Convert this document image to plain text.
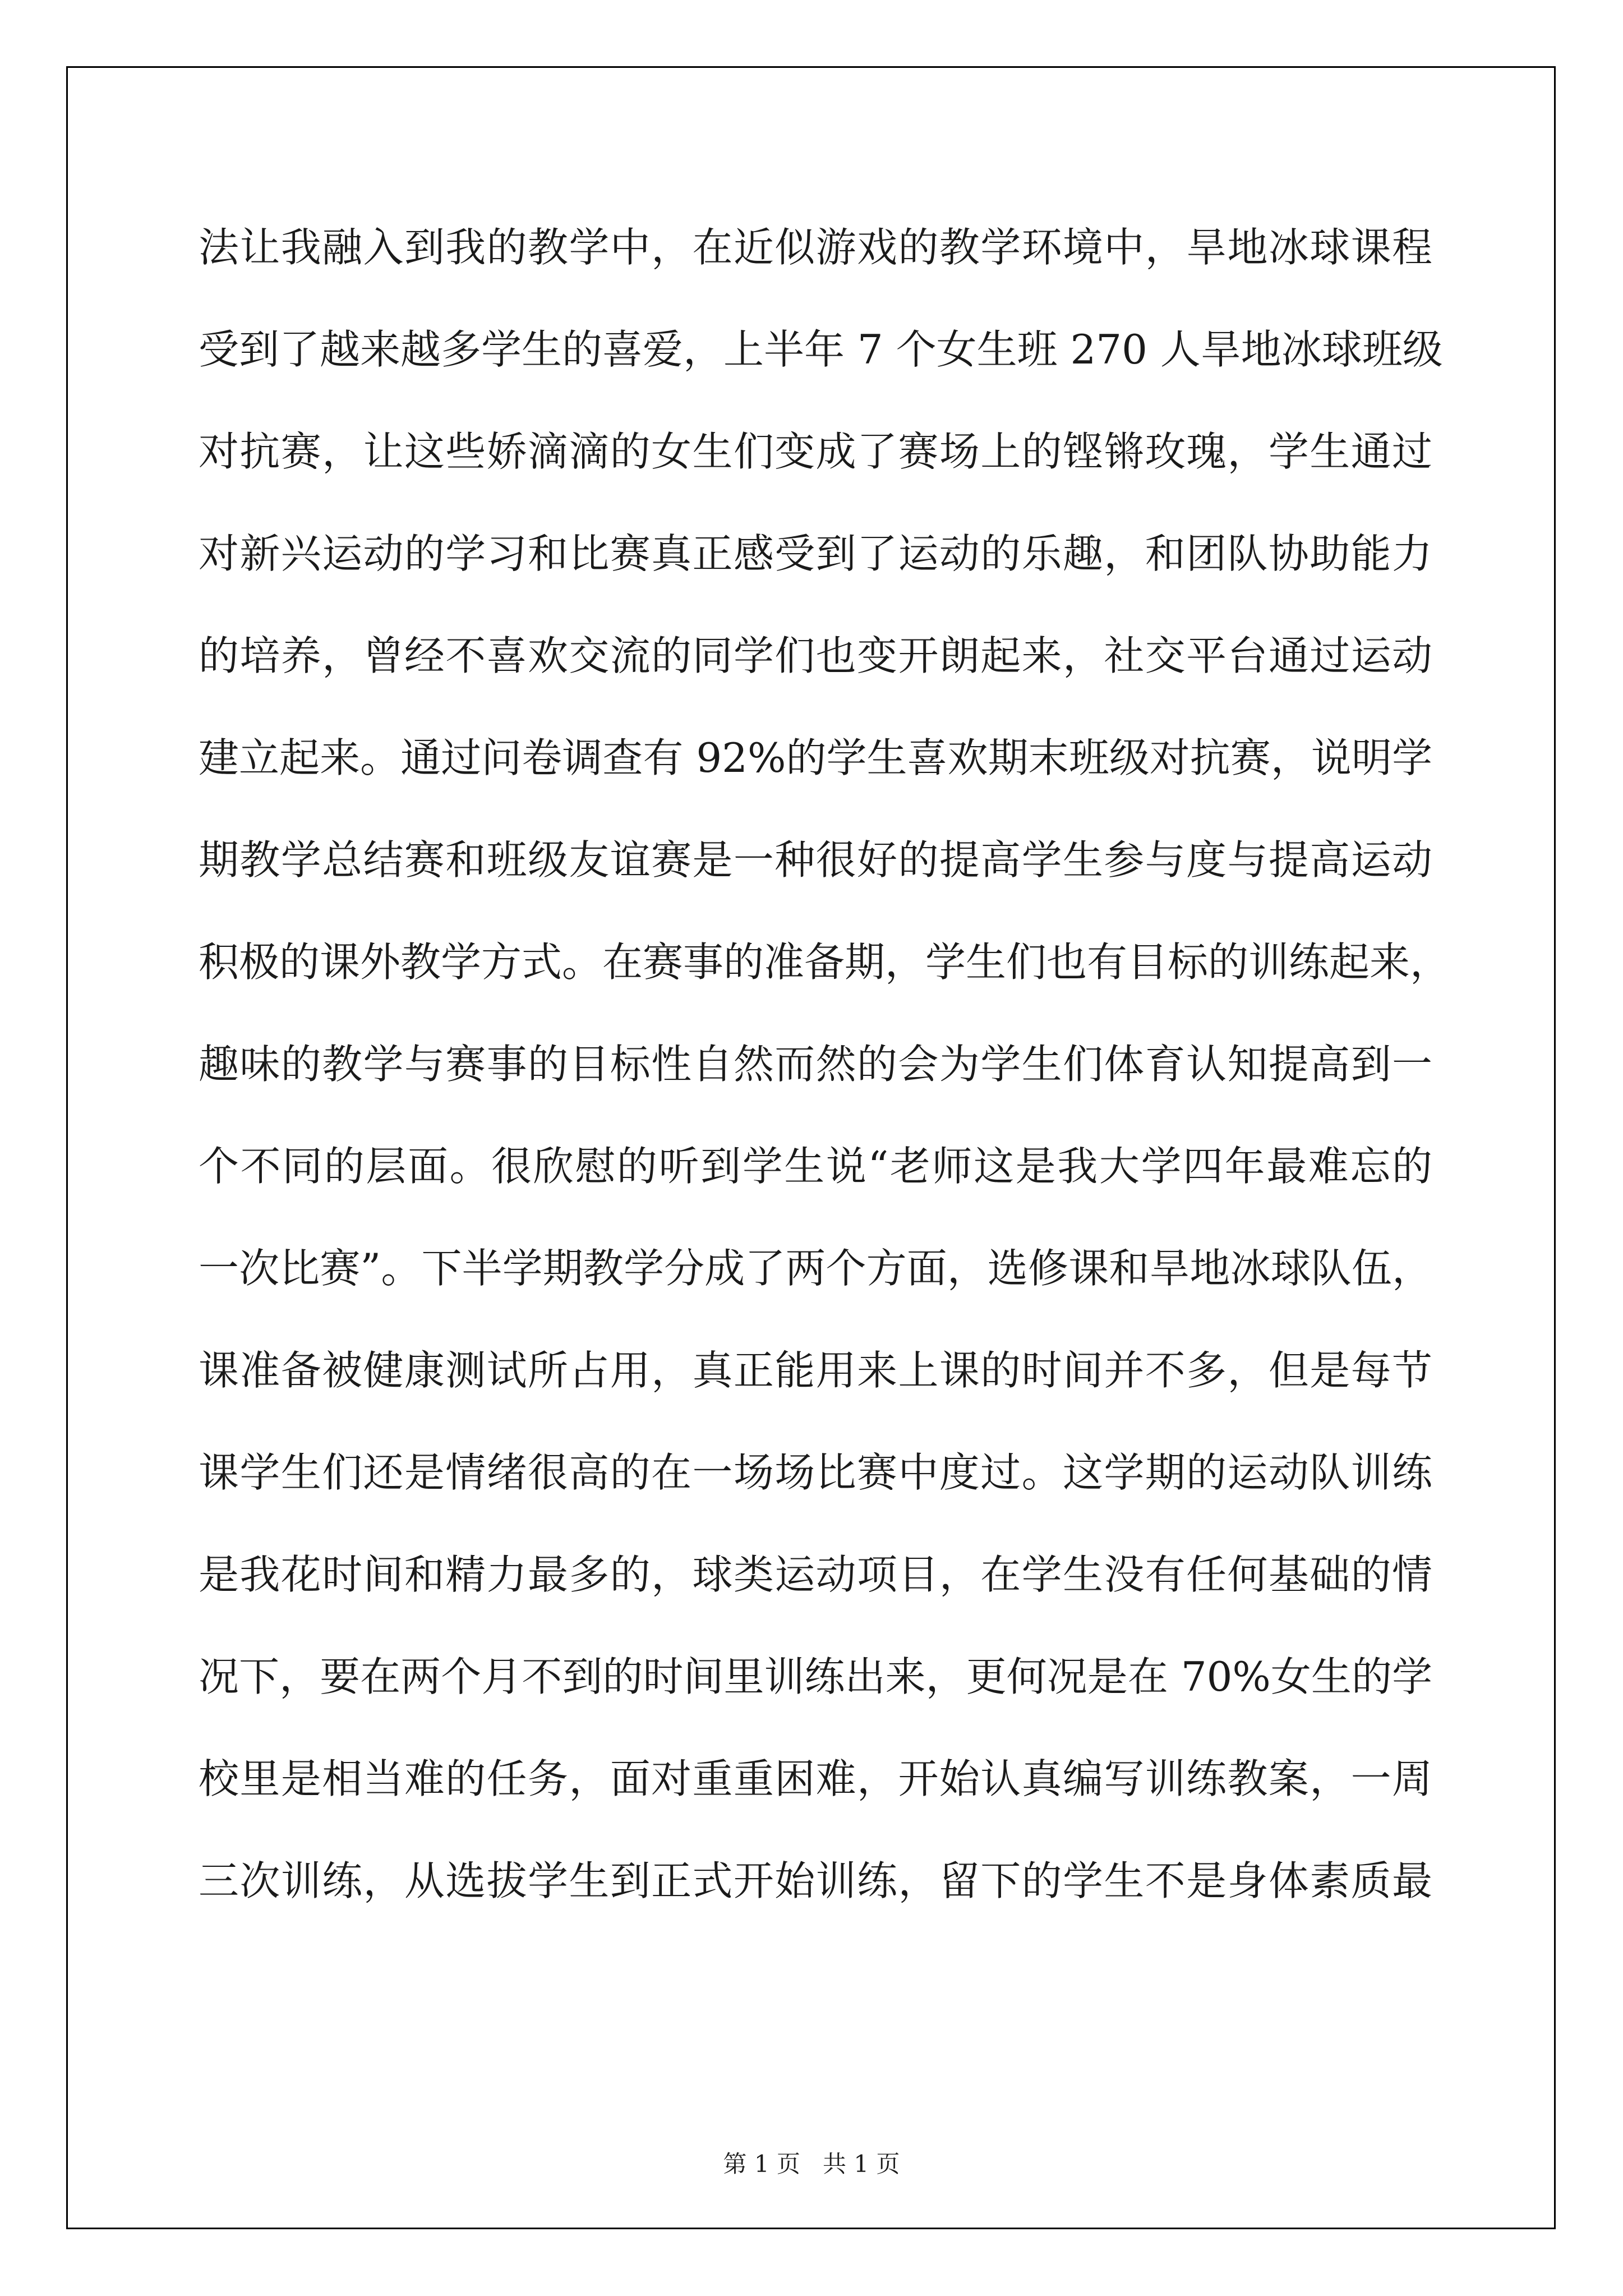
法让我融入到我的教学中，在近似游戏的教学环境中，旱地冰球课程
受到了越来越多学生的喜爱，上半年 7 个女生班 270 人旱地冰球班级
对抗赛，让这些娇滴滴的女生们变成了赛场上的铿锵玫瑰，学生通过
对新兴运动的学习和比赛真正感受到了运动的乐趣，和团队协助能力
的培养，曾经不喜欢交流的同学们也变开朗起来，社交平台通过运动
建立起来。通过问卷调查有 92%的学生喜欢期末班级对抗赛，说明学
期教学总结赛和班级友谊赛是一种很好的提高学生参与度与提高运动
积极的课外教学方式。在赛事的准备期，学生们也有目标的训练起来，
趣味的教学与赛事的目标性自然而然的会为学生们体育认知提高到一
个不同的层面。很欣慰的听到学生说“老师这是我大学四年最难忘的
一次比赛”。下半学期教学分成了两个方面，选修课和旱地冰球队伍，
课准备被健康测试所占用，真正能用来上课的时间并不多，但是每节
课学生们还是情绪很高的在一场场比赛中度过。这学期的运动队训练
是我花时间和精力最多的，球类运动项目，在学生没有任何基础的情
况下，要在两个月不到的时间里训练出来，更何况是在 70%女生的学
校里是相当难的任务，面对重重困难，开始认真编写训练教案，一周
三次训练，从选拔学生到正式开始训练，留下的学生不是身体素质最
第 1 页   共 1 页
